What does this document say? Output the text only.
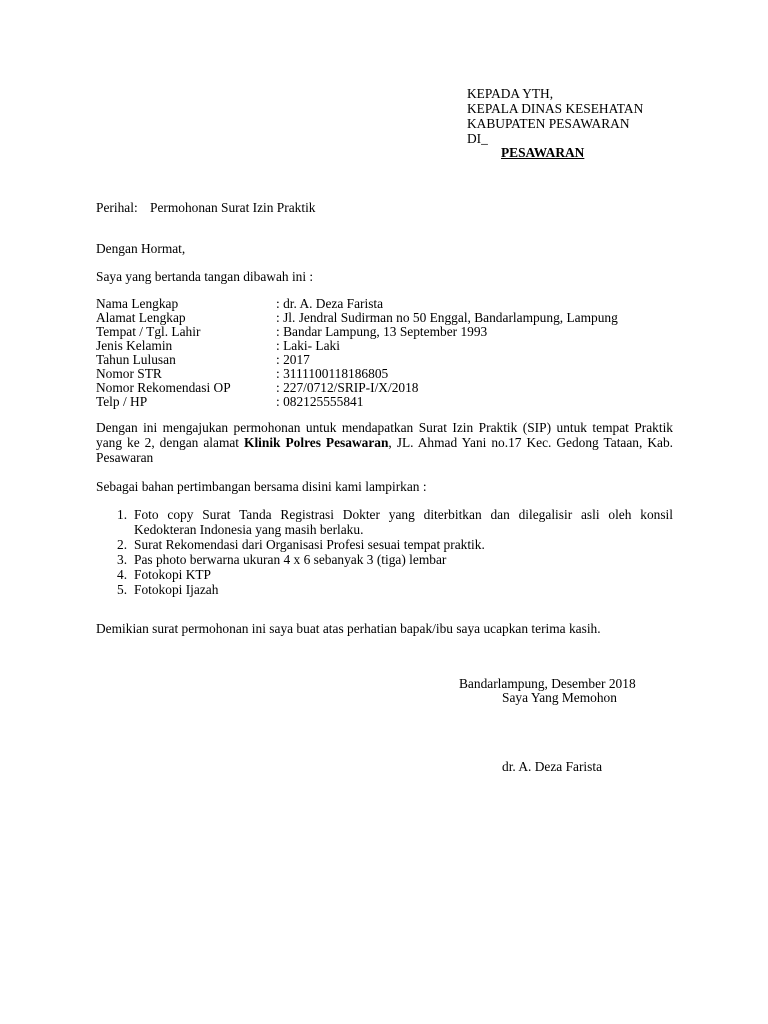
KEPADA YTH,
KEPALA DINAS KESEHATAN
KABUPATEN PESAWARAN
DI_
PESAWARAN
Perihal: Permohonan Surat Izin Praktik
Dengan Hormat,
Saya yang bertanda tangan dibawah ini :
Nama Lengkap	: dr. A. Deza Farista
Alamat Lengkap	: Jl. Jendral Sudirman no 50 Enggal, Bandarlampung, Lampung
Tempat / Tgl. Lahir	: Bandar Lampung, 13 September 1993
Jenis Kelamin	: Laki- Laki
Tahun Lulusan	: 2017
Nomor STR	: 3111100118186805
Nomor Rekomendasi OP	: 227/0712/SRIP-I/X/2018
Telp / HP	: 082125555841
Dengan ini mengajukan permohonan untuk mendapatkan Surat Izin Praktik (SIP) untuk tempat Praktik yang ke 2, dengan alamat Klinik Polres Pesawaran, JL. Ahmad Yani no.17 Kec. Gedong Tataan, Kab. Pesawaran
Sebagai bahan pertimbangan bersama disini kami lampirkan :
1. Foto copy Surat Tanda Registrasi Dokter yang diterbitkan dan dilegalisir asli oleh konsil Kedokteran Indonesia yang masih berlaku.
2. Surat Rekomendasi dari Organisasi Profesi sesuai tempat praktik.
3. Pas photo berwarna ukuran 4 x 6 sebanyak 3 (tiga) lembar
4. Fotokopi KTP
5. Fotokopi Ijazah
Demikian surat permohonan ini saya buat atas perhatian bapak/ibu saya ucapkan terima kasih.
Bandarlampung, Desember 2018
Saya Yang Memohon
dr. A. Deza Farista
